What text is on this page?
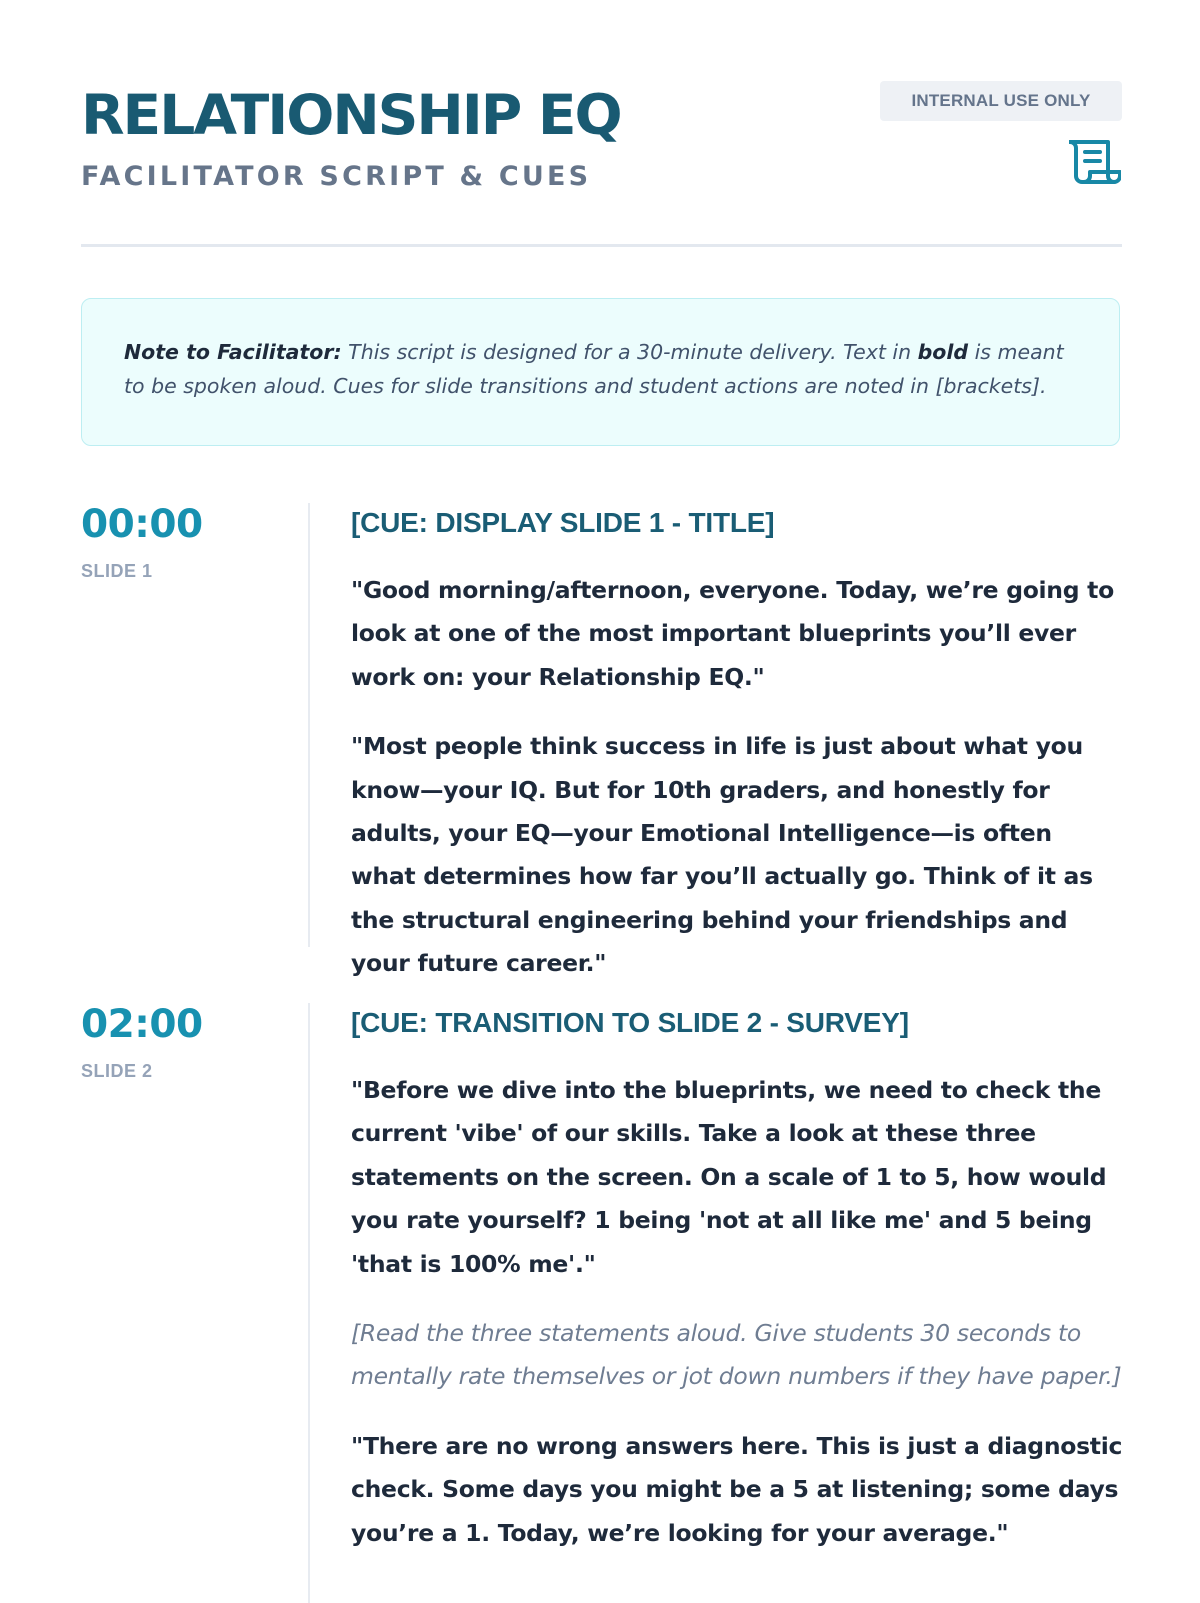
RELATIONSHIP EQ
FACILITATOR SCRIPT & CUES
INTERNAL USE ONLY
Note to Facilitator: This script is designed for a 30-minute delivery. Text in bold is meant to be spoken aloud. Cues for slide transitions and student actions are noted in [brackets].
00:00
SLIDE 1
[CUE: DISPLAY SLIDE 1 - TITLE]

"Good morning/afternoon, everyone. Today, we’re going to look at one of the most important blueprints you’ll ever work on: your Relationship EQ."

"Most people think success in life is just about what you know—your IQ. But for 10th graders, and honestly for adults, your EQ—your Emotional Intelligence—is often what determines how far you’ll actually go. Think of it as the structural engineering behind your friendships and your future career."

02:00
SLIDE 2
[CUE: TRANSITION TO SLIDE 2 - SURVEY]

"Before we dive into the blueprints, we need to check the current 'vibe' of our skills. Take a look at these three statements on the screen. On a scale of 1 to 5, how would you rate yourself? 1 being 'not at all like me' and 5 being 'that is 100% me'."

[Read the three statements aloud. Give students 30 seconds to mentally rate themselves or jot down numbers if they have paper.]

"There are no wrong answers here. This is just a diagnostic check. Some days you might be a 5 at listening; some days you’re a 1. Today, we’re looking for your average."
